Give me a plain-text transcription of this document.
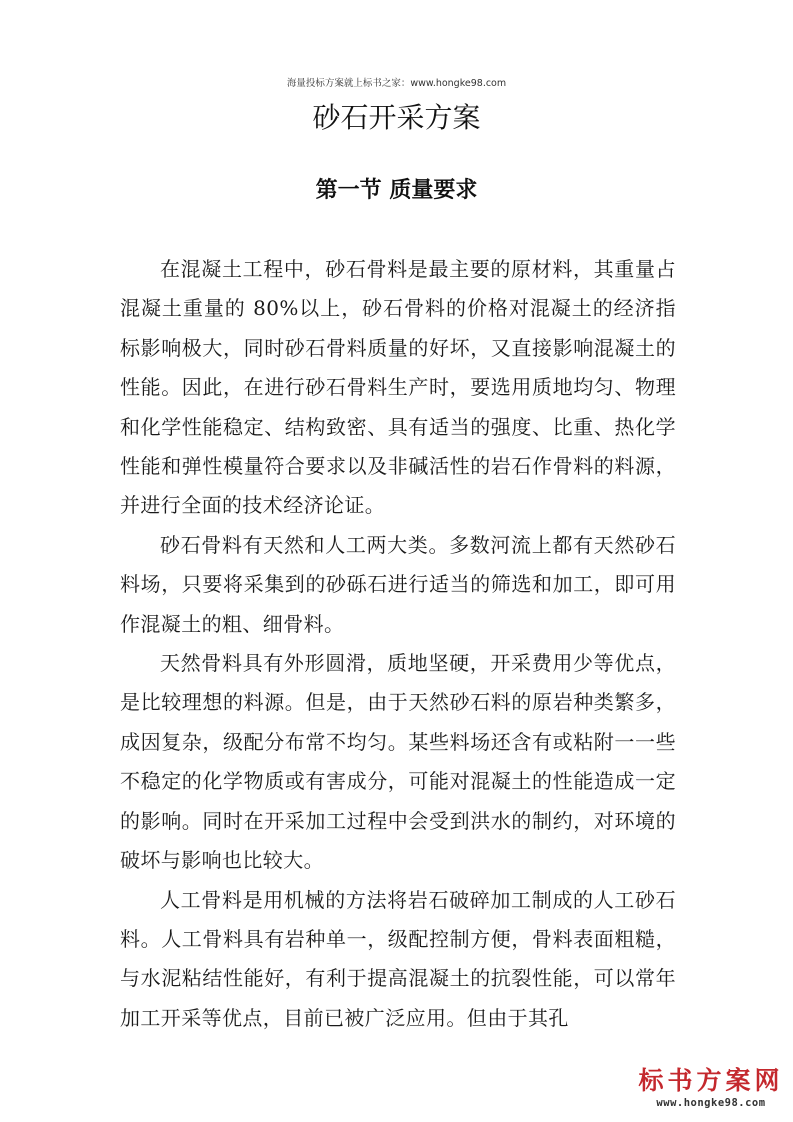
海量投标方案就上标书之家：www.hongke98.com
砂石开采方案
第一节 质量要求

在混凝土工程中，砂石骨料是最主要的原材料，其重量占混凝土重量的 80%以上，砂石骨料的价格对混凝土的经济指标影响极大，同时砂石骨料质量的好坏，又直接影响混凝土的性能。因此，在进行砂石骨料生产时，要选用质地均匀、物理和化学性能稳定、结构致密、具有适当的强度、比重、热化学性能和弹性模量符合要求以及非碱活性的岩石作骨料的料源，并进行全面的技术经济论证。

砂石骨料有天然和人工两大类。多数河流上都有天然砂石料场，只要将采集到的砂砾石进行适当的筛选和加工，即可用作混凝土的粗、细骨料。

天然骨料具有外形圆滑，质地坚硬，开采费用少等优点，是比较理想的料源。但是，由于天然砂石料的原岩种类繁多，成因复杂，级配分布常不均匀。某些料场还含有或粘附一一些不稳定的化学物质或有害成分，可能对混凝土的性能造成一定的影响。同时在开采加工过程中会受到洪水的制约，对环境的破坏与影响也比较大。

人工骨料是用机械的方法将岩石破碎加工制成的人工砂石料。人工骨料具有岩种单一，级配控制方便，骨料表面粗糙，与水泥粘结性能好，有利于提高混凝土的抗裂性能，可以常年加工开采等优点，目前已被广泛应用。但由于其孔

标书方案网
www.hongke98.com
